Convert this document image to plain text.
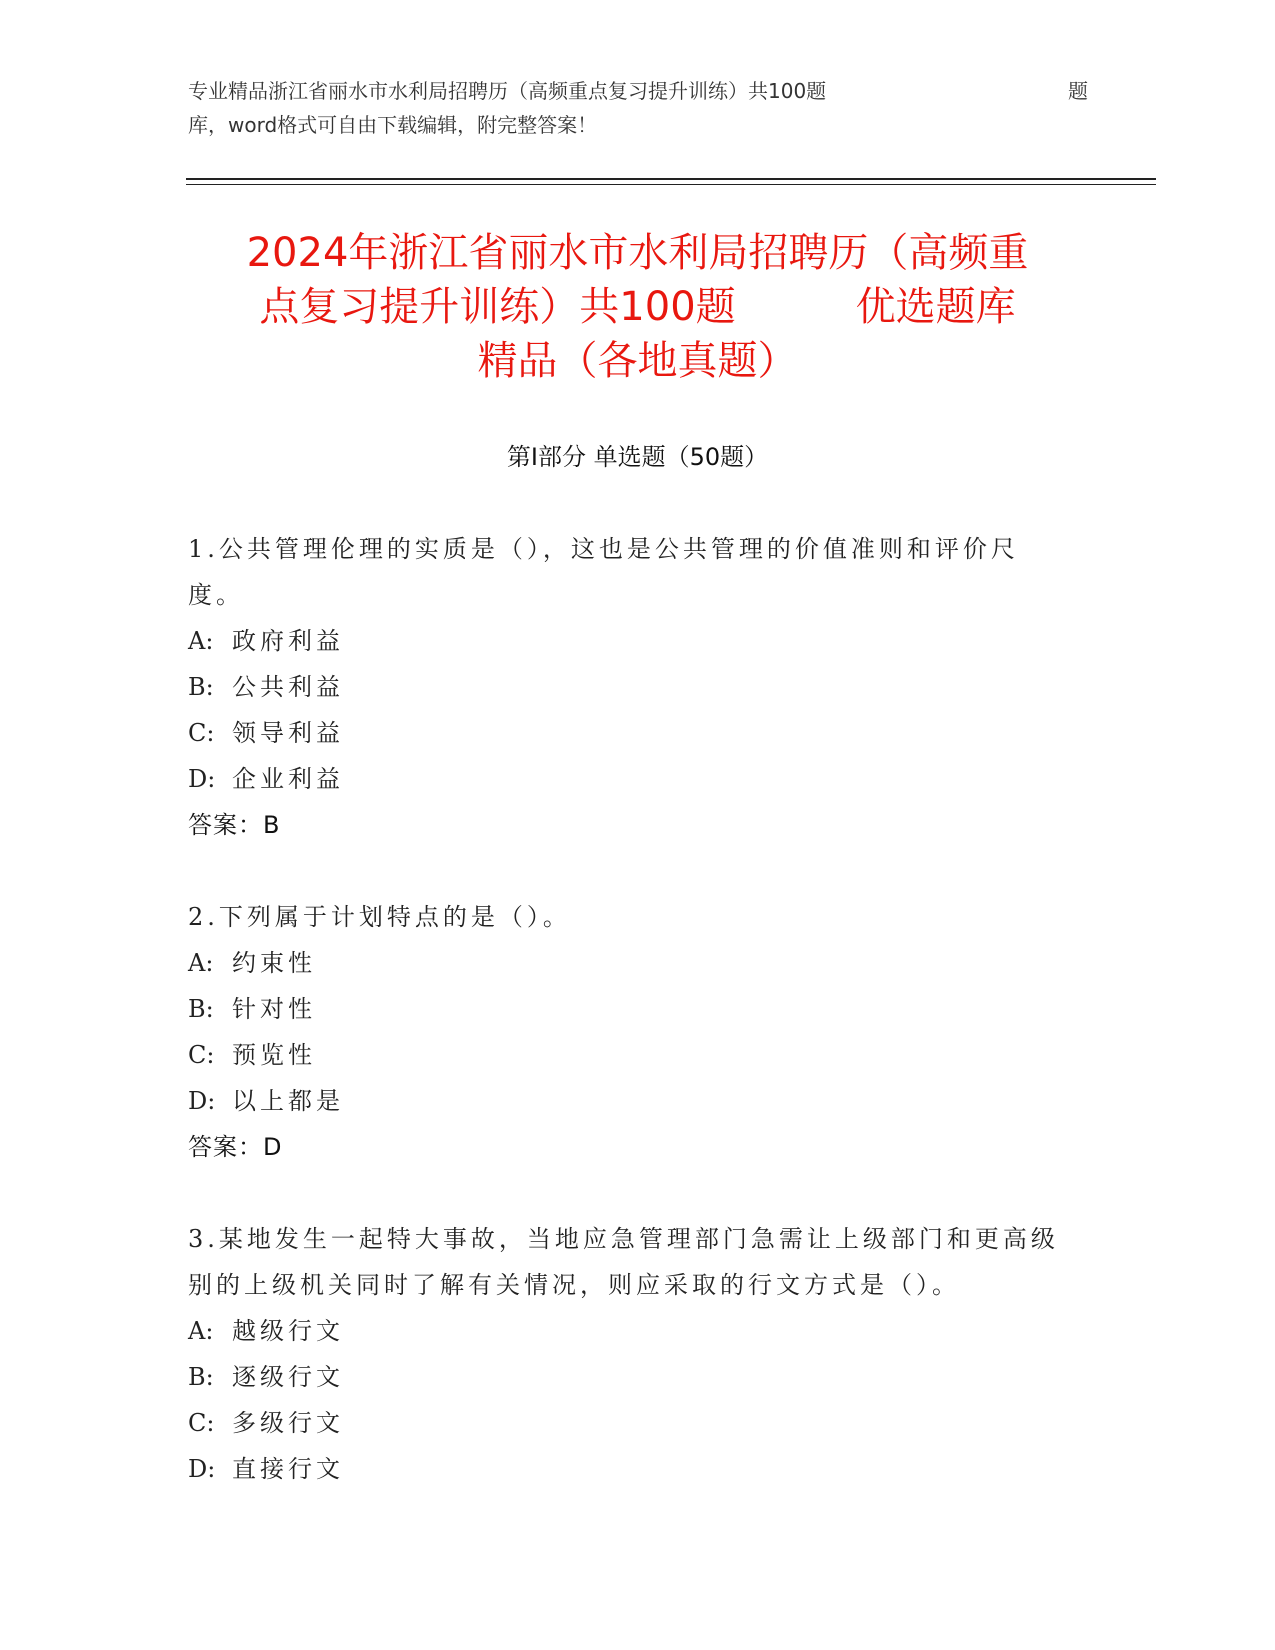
专业精品浙江省丽水市水利局招聘历（高频重点复习提升训练）共100题	题
库，word格式可自由下载编辑，附完整答案！
2024年浙江省丽水市水利局招聘历（高频重
点复习提升训练）共100题　　　优选题库
精品（各地真题）
第Ⅰ部分 单选题（50题）
1.公共管理伦理的实质是（），这也是公共管理的价值准则和评价尺度。
A: 政府利益
B: 公共利益
C: 领导利益
D: 企业利益
答案：B
2.下列属于计划特点的是（）。
A: 约束性
B: 针对性
C: 预览性
D: 以上都是
答案：D
3.某地发生一起特大事故，当地应急管理部门急需让上级部门和更高级别的上级机关同时了解有关情况，则应采取的行文方式是（）。
A: 越级行文
B: 逐级行文
C: 多级行文
D: 直接行文
